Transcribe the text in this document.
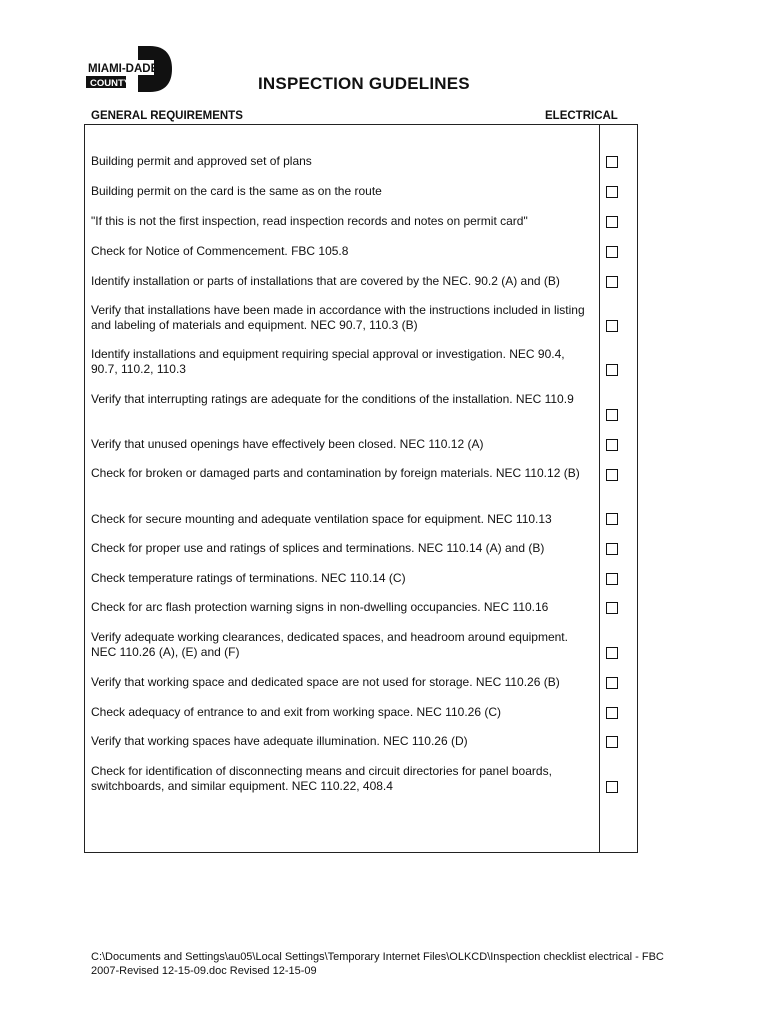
MIAMI-DADE
COUNTY	INSPECTION GUDELINES
GENERAL REQUIREMENTS	ELECTRICAL
Building permit and approved set of plans
Building permit on the card is the same as on the route
"If this is not the first inspection, read inspection records and notes on permit card"
Check for Notice of Commencement. FBC 105.8
Identify installation or parts of installations that are covered by the NEC. 90.2 (A) and (B)
Verify that installations have been made in accordance with the instructions included in listing and labeling of materials and equipment. NEC 90.7, 110.3 (B)
Identify installations and equipment requiring special approval or investigation. NEC 90.4, 90.7, 110.2, 110.3
Verify that interrupting ratings are adequate for the conditions of the installation. NEC 110.9
Verify that unused openings have effectively been closed. NEC 110.12 (A)
Check for broken or damaged parts and contamination by foreign materials. NEC 110.12 (B)
Check for secure mounting and adequate ventilation space for equipment. NEC 110.13
Check for proper use and ratings of splices and terminations. NEC 110.14 (A) and (B)
Check temperature ratings of terminations. NEC 110.14 (C)
Check for arc flash protection warning signs in non-dwelling occupancies. NEC 110.16
Verify adequate working clearances, dedicated spaces, and headroom around equipment. NEC 110.26 (A), (E) and (F)
Verify that working space and dedicated space are not used for storage. NEC 110.26 (B)
Check adequacy of entrance to and exit from working space. NEC 110.26 (C)
Verify that working spaces have adequate illumination. NEC 110.26 (D)
Check for identification of disconnecting means and circuit directories for panel boards, switchboards, and similar equipment. NEC 110.22, 408.4
C:\Documents and Settings\au05\Local Settings\Temporary Internet Files\OLKCD\Inspection checklist electrical - FBC 2007-Revised 12-15-09.doc Revised 12-15-09
